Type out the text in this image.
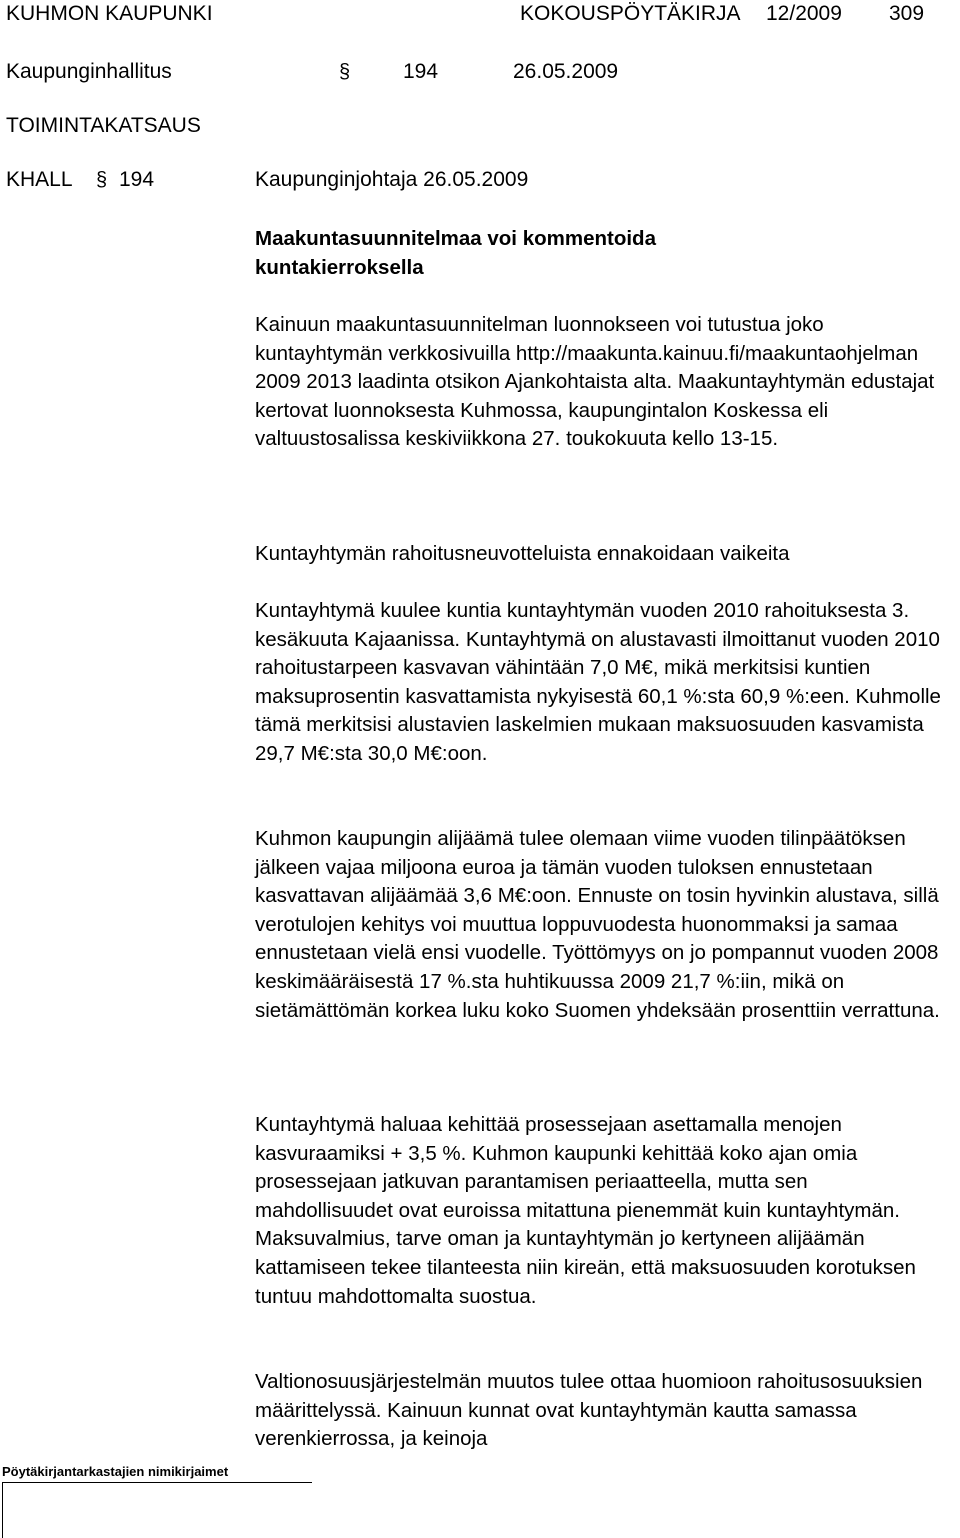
KUHMON KAUPUNKI	KOKOUSPÖYTÄKIRJA 12/2009 309
Kaupunginhallitus	§	194	26.05.2009
TOIMINTAKATSAUS
KHALL § 194	Kaupunginjohtaja 26.05.2009

Maakuntasuunnitelmaa voi kommentoida kuntakierroksella

Kainuun maakuntasuunnitelman luonnokseen voi tutustua joko kuntayhtymän verkkosivuilla http://maakunta.kainuu.fi/maakuntaohjelman 2009 2013 laadinta otsikon Ajankohtaista alta. Maakuntayhtymän edustajat kertovat luonnoksesta Kuhmossa, kaupungintalon Koskessa eli valtuustosalissa keskiviikkona 27. toukokuuta kello 13-15.

Kuntayhtymän rahoitusneuvotteluista ennakoidaan vaikeita

Kuntayhtymä kuulee kuntia kuntayhtymän vuoden 2010 rahoituksesta 3. kesäkuuta Kajaanissa. Kuntayhtymä on alustavasti ilmoittanut vuoden 2010 rahoitustarpeen kasvavan vähintään 7,0 M€, mikä merkitsisi kuntien maksuprosentin kasvattamista nykyisestä 60,1 %:sta 60,9 %:een. Kuhmolle tämä merkitsisi alustavien laskelmien mukaan maksuosuuden kasvamista 29,7 M€:sta 30,0 M€:oon.

Kuhmon kaupungin alijäämä tulee olemaan viime vuoden tilinpäätöksen jälkeen vajaa miljoona euroa ja tämän vuoden tuloksen ennustetaan kasvattavan alijäämää 3,6 M€:oon. Ennuste on tosin hyvinkin alustava, sillä verotulojen kehitys voi muuttua loppuvuodesta huonommaksi ja samaa ennustetaan vielä ensi vuodelle. Työttömyys on jo pompannut vuoden 2008 keskimääräisestä 17 %.sta huhtikuussa 2009 21,7 %:iin, mikä on sietämättömän korkea luku koko Suomen yhdeksään prosenttiin verrattuna.

Kuntayhtymä haluaa kehittää prosessejaan asettamalla menojen kasvuraamiksi + 3,5 %. Kuhmon kaupunki kehittää koko ajan omia prosessejaan jatkuvan parantamisen periaatteella, mutta sen mahdollisuudet ovat euroissa mitattuna pienemmät kuin kuntayhtymän. Maksuvalmius, tarve oman ja kuntayhtymän jo kertyneen alijäämän kattamiseen tekee tilanteesta niin kireän, että maksuosuuden korotuksen tuntuu mahdottomalta suostua.

Valtionosuusjärjestelmän muutos tulee ottaa huomioon rahoitusosuuksien määrittelyssä. Kainuun kunnat ovat kuntayhtymän kautta samassa verenkierrossa, ja keinoja

Pöytäkirjantarkastajien nimikirjaimet
